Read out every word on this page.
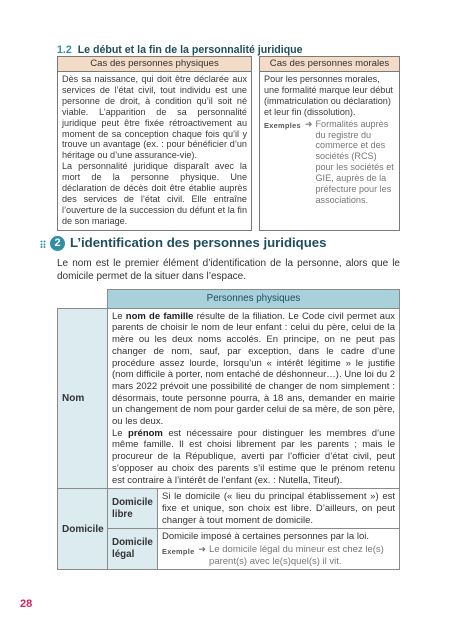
1.2 Le début et la fin de la personnalité juridique
Cas des personnes physiques

Dès sa naissance, qui doit être déclarée aux services de l’état civil, tout individu est une personne de droit, à condition qu’il soit né viable. L’apparition de sa personnalité juridique peut être fixée rétroactivement au moment de sa conception chaque fois qu’il y trouve un avantage (ex. : pour bénéficier d’un héritage ou d’une assurance-vie).

La personnalité juridique disparaît avec la mort de la personne physique. Une déclaration de décès doit être établie auprès des services de l’état civil. Elle entraîne l’ouverture de la succession du défunt et la fin de son mariage.

Cas des personnes morales

Pour les personnes morales, une formalité marque leur début (immatriculation ou déclaration) et leur fin (dissolution).

Exemples ➜ Formalités auprès du registre du commerce et des sociétés (RCS) pour les sociétés et GIE, auprès de la préfecture pour les associations.
2 L’identification des personnes juridiques
Le nom est le premier élément d’identification de la personne, alors que le domicile permet de la situer dans l’espace.
	Personnes physiques	
Nom	Le nom de famille résulte de la filiation. Le Code civil permet aux parents de choisir le nom de leur enfant : celui du père, celui de la mère ou les deux noms accolés. En principe, on ne peut pas changer de nom, sauf, par exception, dans le cadre d’une procédure assez lourde, lorsqu’un « intérêt légitime » le justifie (nom difficile à porter, nom entaché de déshonneur…). Une loi du 2 mars 2022 prévoit une possibilité de changer de nom simplement : désormais, toute personne pourra, à 18 ans, demander en mairie un changement de nom pour garder celui de sa mère, de son père, ou les deux.

Le prénom est nécessaire pour distinguer les membres d’une même famille. Il est choisi librement par les parents ; mais le procureur de la République, averti par l’officier d’état civil, peut s’opposer au choix des parents s’il estime que le prénom retenu est contraire à l’intérêt de l’enfant (ex. : Nutella, Titeuf).	

Domicile	Domicile libre	Si le domicile (« lieu du principal établissement ») est fixe et unique, son choix est libre. D’ailleurs, on peut changer à tout moment de domicile.

	Domicile légal	Domicile imposé à certaines personnes par la loi.

Exemple ➜ Le domicile légal du mineur est chez le(s) parent(s) avec le(s)quel(s) il vit.
28
